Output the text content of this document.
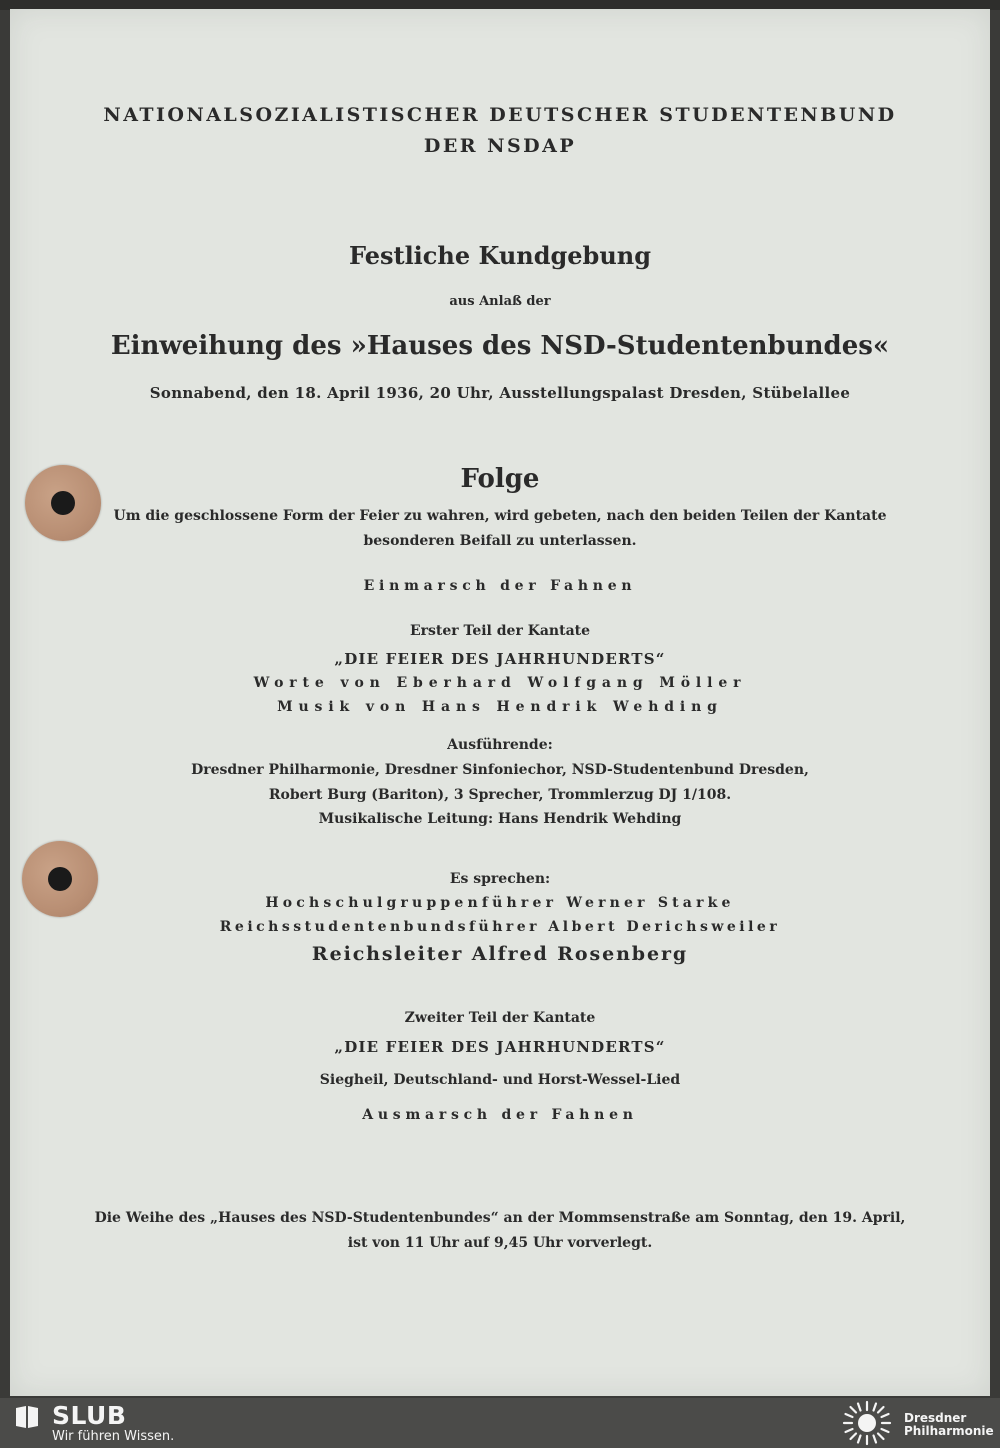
NATIONALSOZIALISTISCHER DEUTSCHER STUDENTENBUND
DER NSDAP
Festliche Kundgebung
aus Anlaß der
Einweihung des »Hauses des NSD-Studentenbundes«
Sonnabend, den 18. April 1936, 20 Uhr, Ausstellungspalast Dresden, Stübelallee
Folge
Um die geschlossene Form der Feier zu wahren, wird gebeten, nach den beiden Teilen der Kantate
besonderen Beifall zu unterlassen.
Einmarsch der Fahnen
Erster Teil der Kantate
„DIE FEIER DES JAHRHUNDERTS“
Worte von Eberhard Wolfgang Möller
Musik von Hans Hendrik Wehding
Ausführende:
Dresdner Philharmonie, Dresdner Sinfoniechor, NSD-Studentenbund Dresden,
Robert Burg (Bariton), 3 Sprecher, Trommlerzug DJ 1/108.
Musikalische Leitung: Hans Hendrik Wehding
Es sprechen:
Hochschulgruppenführer Werner Starke
Reichsstudentenbundsführer Albert Derichsweiler
Reichsleiter Alfred Rosenberg
Zweiter Teil der Kantate
„DIE FEIER DES JAHRHUNDERTS“
Siegheil, Deutschland- und Horst-Wessel-Lied
Ausmarsch der Fahnen
Die Weihe des „Hauses des NSD-Studentenbundes“ an der Mommsenstraße am Sonntag, den 19. April,
ist von 11 Uhr auf 9,45 Uhr vorverlegt.
SLUB
Wir führen Wissen.
Dresdner
Philharmonie
